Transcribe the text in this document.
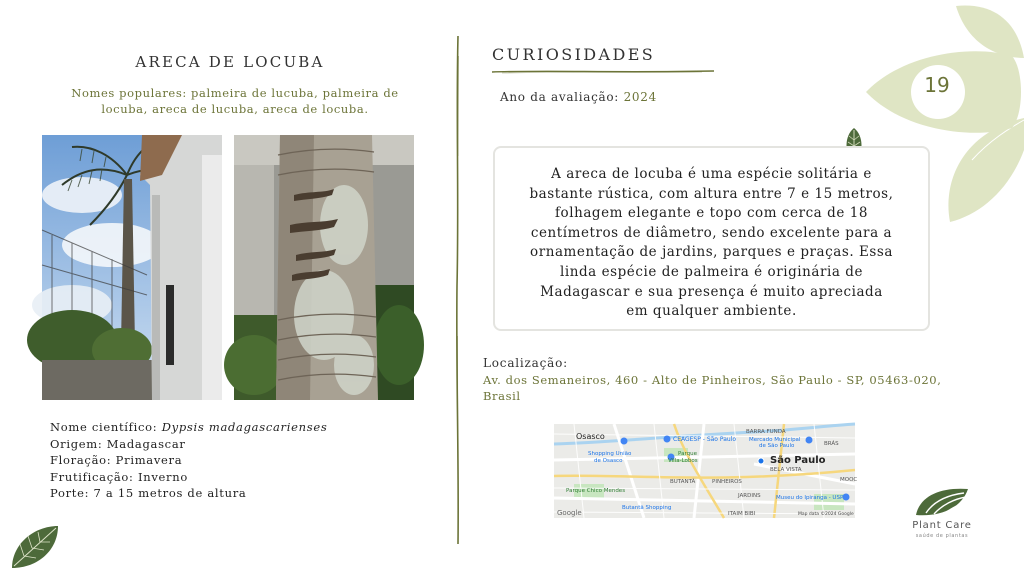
19
ARECA DE LOCUBA
Nomes populares: palmeira de lucuba, palmeira de locuba, areca de lucuba, areca de locuba.
Nome científico: Dypsis madagascarienses
Origem: Madagascar
Floração: Primavera
Frutificação: Inverno
Porte: 7 a 15 metros de altura
CURIOSIDADES
Ano da avaliação: 2024
A areca de locuba é uma espécie solitária e
bastante rústica, com altura entre 7 e 15 metros,
folhagem elegante e topo com cerca de 18
centímetros de diâmetro, sendo excelente para a
ornamentação de jardins, parques e praças. Essa
linda espécie de palmeira é originária de
Madagascar e sua presença é muito apreciada
em qualquer ambiente.
Localização:
Av. dos Semaneiros, 460 - Alto de Pinheiros, São Paulo - SP, 05463-020, Brasil
Osasco	CEAGESP - São Paulo
BARRA FUNDA
Mercado Municipal
de São Paulo	BRÁS
Shopping União
de Osasco
Parque
Villa-Lobos	São Paulo
BELA VISTA
BUTANTÃ	PINHEIROS	MOOC
Parque Chico Mendes
JARDINS	Museu do Ipiranga - USP
Butantã Shopping
ITAIM BIBI
Google	Map data ©2024 Google
Plant Care
saúde de plantas
